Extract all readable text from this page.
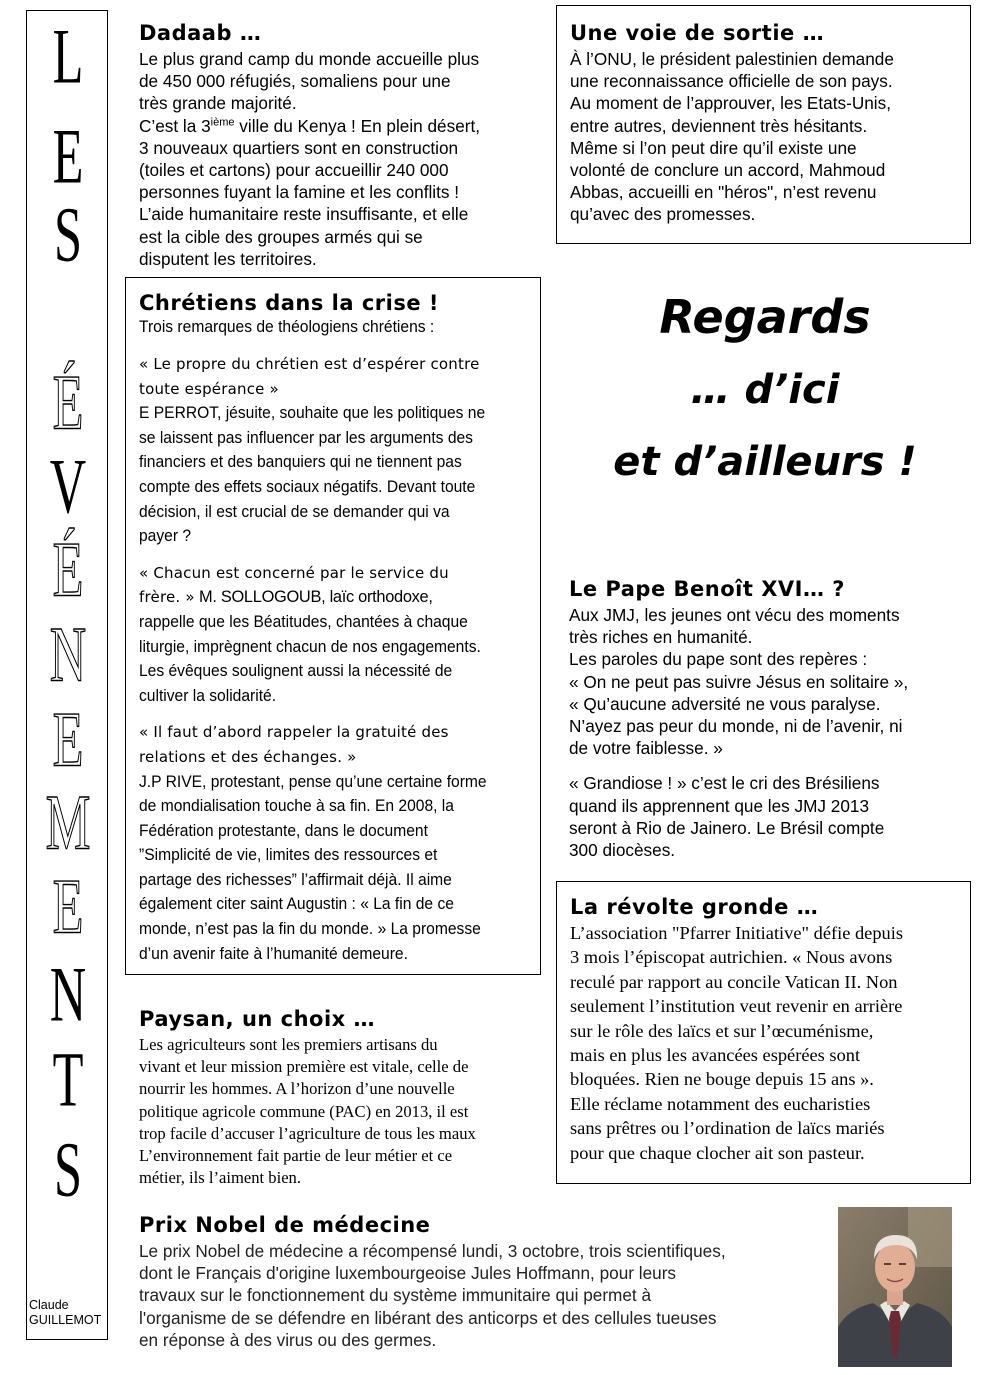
L
E
S
É
V
É
N
E
M
E
N
T
S
Claude
GUILLEMOT
Dadaab …

Le plus grand camp du monde accueille plus

de 450 000 réfugiés, somaliens pour une

très grande majorité.

C’est la 3ième ville du Kenya ! En plein désert,

3 nouveaux quartiers sont en construction

(toiles et cartons) pour accueillir 240 000

personnes fuyant la famine et les conflits !

L’aide humanitaire reste insuffisante, et elle

est la cible des groupes armés qui se

disputent les territoires.

Une voie de sortie …

À l’ONU, le président palestinien demande

une reconnaissance officielle de son pays.

Au moment de l’approuver, les Etats-Unis,

entre autres, deviennent très hésitants.

Même si l’on peut dire qu’il existe une

volonté de conclure un accord, Mahmoud

Abbas, accueilli en "héros", n’est revenu

qu’avec des promesses.

Chrétiens dans la crise !

Trois remarques de théologiens chrétiens :

« Le propre du chrétien est d’espérer contre

toute espérance »

E PERROT, jésuite, souhaite que les politiques ne

se laissent pas influencer par les arguments des

financiers et des banquiers qui ne tiennent pas

compte des effets sociaux négatifs. Devant toute

décision, il est crucial de se demander qui va

payer ?

« Chacun est concerné par le service du

frère. » M. SOLLOGOUB, laïc orthodoxe,

rappelle que les Béatitudes, chantées à chaque

liturgie, imprègnent chacun de nos engagements.

Les évêques soulignent aussi la nécessité de

cultiver la solidarité.

« Il faut d’abord rappeler la gratuité des

relations et des échanges. »

J.P RIVE, protestant, pense qu’une certaine forme

de mondialisation touche à sa fin. En 2008, la

Fédération protestante, dans le document

”Simplicité de vie, limites des ressources et

partage des richesses” l’affirmait déjà. Il aime

également citer saint Augustin : « La fin de ce

monde, n’est pas la fin du monde. » La promesse

d’un avenir faite à l’humanité demeure.

Regards
… d’ici
et d’ailleurs !
Le Pape Benoît XVI… ?

Aux JMJ, les jeunes ont vécu des moments

très riches en humanité.

Les paroles du pape sont des repères :

« On ne peut pas suivre Jésus en solitaire »,

« Qu’aucune adversité ne vous paralyse.

N’ayez pas peur du monde, ni de l’avenir, ni

de votre faiblesse. »

« Grandiose ! » c’est le cri des Brésiliens

quand ils apprennent que les JMJ 2013

seront à Rio de Jainero. Le Brésil compte

300 diocèses.

La révolte gronde …

L’association "Pfarrer Initiative" défie depuis

3 mois l’épiscopat autrichien. « Nous avons

reculé par rapport au concile Vatican II. Non

seulement l’institution veut revenir en arrière

sur le rôle des laïcs et sur l’œcuménisme,

mais en plus les avancées espérées sont

bloquées. Rien ne bouge depuis 15 ans ».

Elle réclame notamment des eucharisties

sans prêtres ou l’ordination de laïcs mariés

pour que chaque clocher ait son pasteur.

Paysan, un choix …

Les agriculteurs sont les premiers artisans du

vivant et leur mission première est vitale, celle de

nourrir les hommes. A l’horizon d’une nouvelle

politique agricole commune (PAC) en 2013, il est

trop facile d’accuser l’agriculture de tous les maux

L’environnement fait partie de leur métier et ce

métier, ils l’aiment bien.

Prix Nobel de médecine

Le prix Nobel de médecine a récompensé lundi, 3 octobre, trois scientifiques,

dont le Français d'origine luxembourgeoise Jules Hoffmann, pour leurs

travaux sur le fonctionnement du système immunitaire qui permet à

l'organisme de se défendre en libérant des anticorps et des cellules tueuses

en réponse à des virus ou des germes.
